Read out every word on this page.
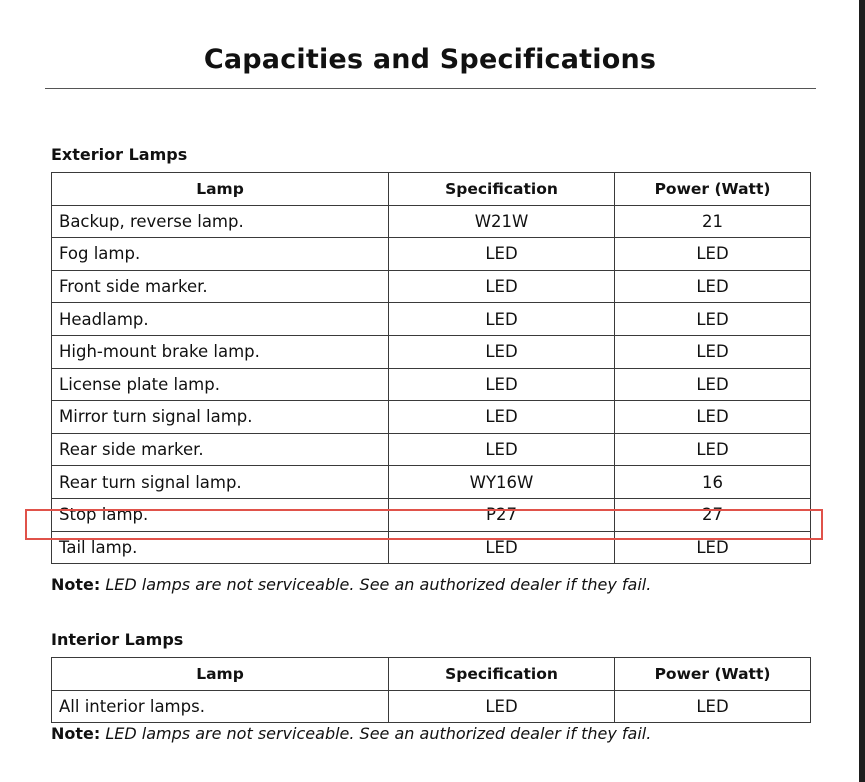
Capacities and Specifications
Exterior Lamps
Lamp	Specification	Power (Watt)
Backup, reverse lamp.	W21W	21
Fog lamp.	LED	LED
Front side marker.	LED	LED
Headlamp.	LED	LED
High-mount brake lamp.	LED	LED
License plate lamp.	LED	LED
Mirror turn signal lamp.	LED	LED
Rear side marker.	LED	LED
Rear turn signal lamp.	WY16W	16
Stop lamp.	P27	27
Tail lamp.	LED	LED
Note: LED lamps are not serviceable. See an authorized dealer if they fail.
Interior Lamps
Lamp	Specification	Power (Watt)
All interior lamps.	LED	LED
Note: LED lamps are not serviceable. See an authorized dealer if they fail.
